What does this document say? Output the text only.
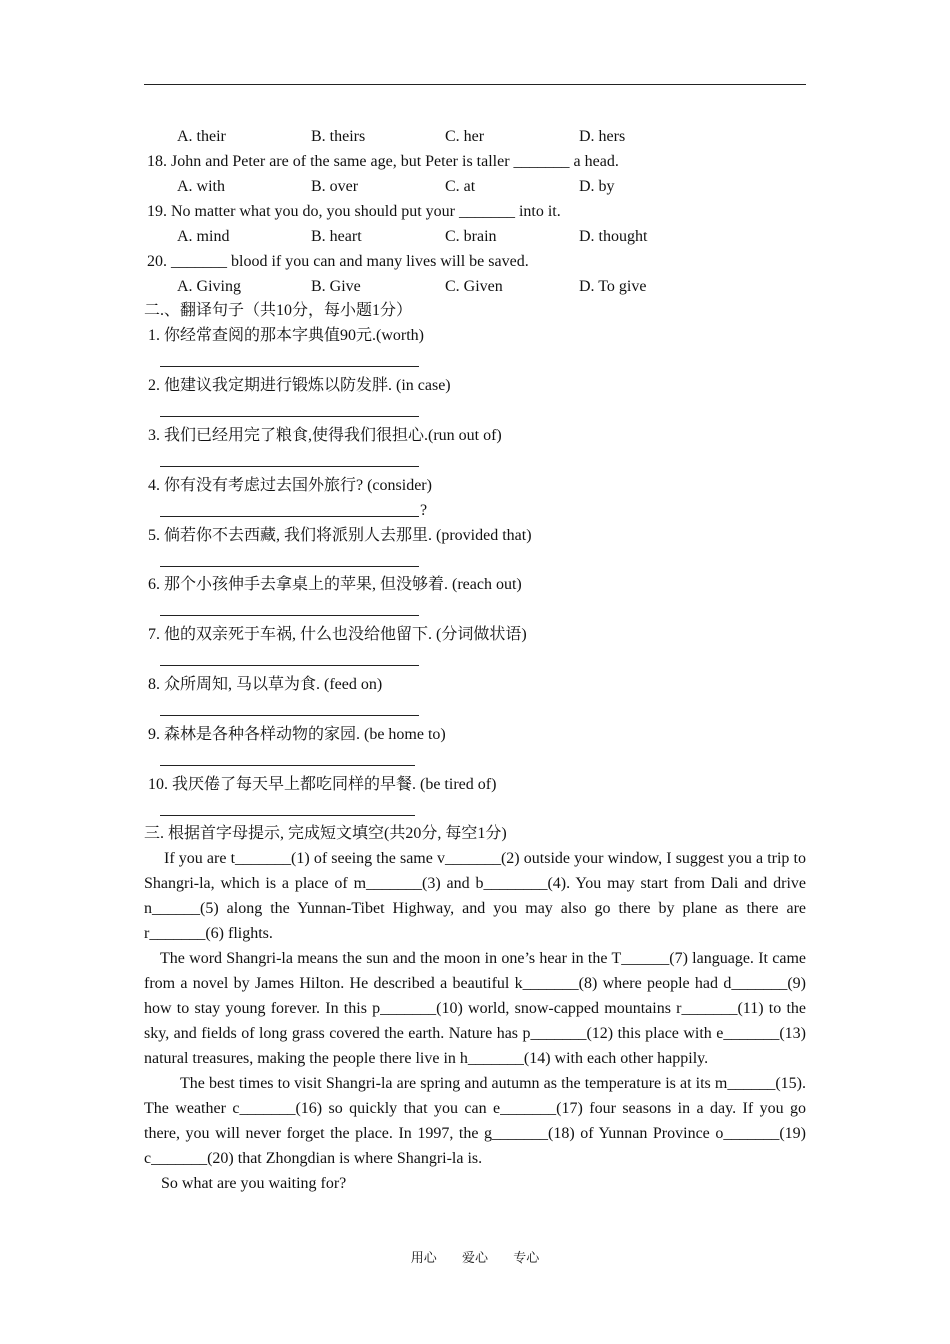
A. their	B. theirs	C. her	D. hers
18. John and Peter are of the same age, but Peter is taller _______ a head.
A. with	B. over	C. at	D. by
19. No matter what you do, you should put your _______ into it.
A. mind	B. heart	C. brain	D. thought
20. _______ blood if you can and many lives will be saved.
A. Giving	B. Give	C. Given	D. To give
二.、翻译句子（共10分，每小题1分）
1. 你经常查阅的那本字典值90元.(worth)
2. 他建议我定期进行锻炼以防发胖. (in case)
3. 我们已经用完了粮食,使得我们很担心.(run out of)
4. 你有没有考虑过去国外旅行? (consider)
?
5. 倘若你不去西藏, 我们将派别人去那里. (provided that)
6. 那个小孩伸手去拿桌上的苹果, 但没够着. (reach out)
7. 他的双亲死于车祸, 什么也没给他留下. (分词做状语)
8. 众所周知, 马以草为食. (feed on)
9. 森林是各种各样动物的家园. (be home to)
10. 我厌倦了每天早上都吃同样的早餐. (be tired of)
三. 根据首字母提示, 完成短文填空(共20分, 每空1分)

If you are t_______(1) of seeing the same v_______(2) outside your window, I suggest you a trip to Shangri-la, which is a place of m_______(3) and b________(4). You may start from Dali and drive n______(5) along the Yunnan-Tibet Highway, and you may also go there by plane as there are r_______(6) flights.

The word Shangri-la means the sun and the moon in one’s hear in the T______(7) language. It came from a novel by James Hilton. He described a beautiful k_______(8) where people had d_______(9) how to stay young forever. In this p_______(10) world, snow-capped mountains r_______(11) to the sky, and fields of long grass covered the earth. Nature has p_______(12) this place with e_______(13) natural treasures, making the people there live in h_______(14) with each other happily.

The best times to visit Shangri-la are spring and autumn as the temperature is at its m______(15). The weather c_______(16) so quickly that you can e_______(17) four seasons in a day. If you go there, you will never forget the place. In 1997, the g_______(18) of Yunnan Province o_______(19) c_______(20) that Zhongdian is where Shangri-la is.

So what are you waiting for?

用心 爱心 专心
